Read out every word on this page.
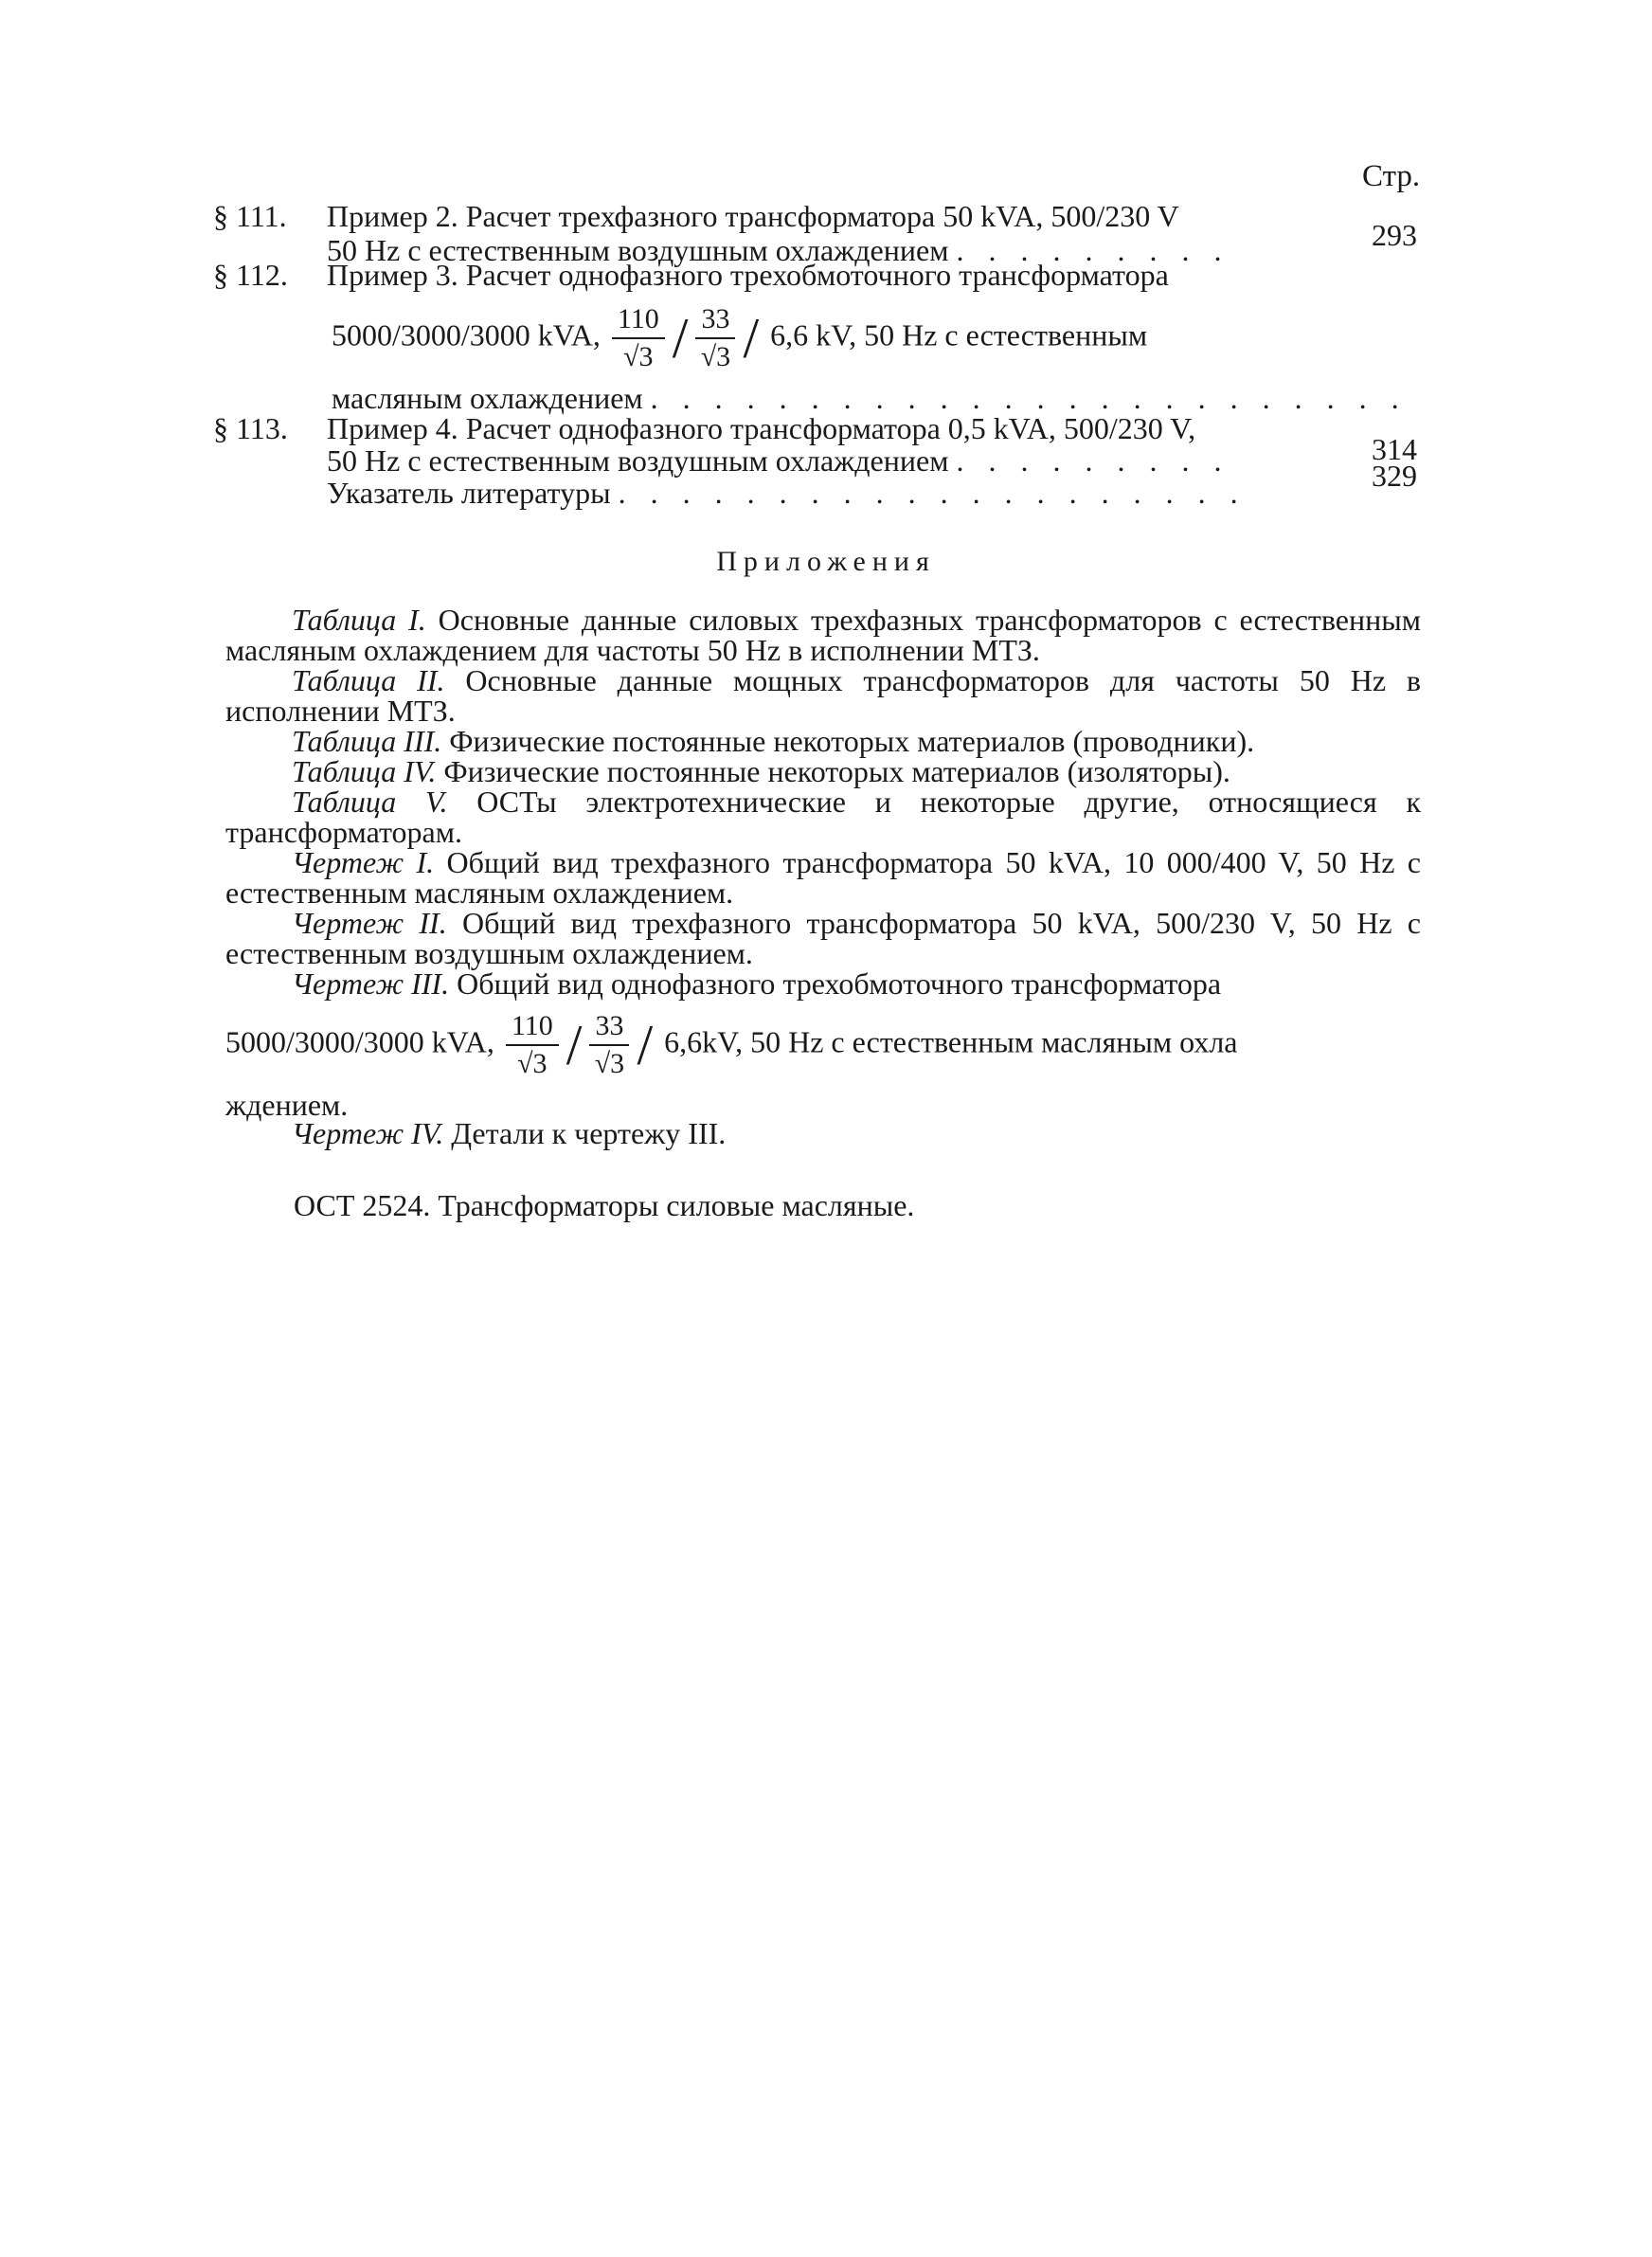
Стр.
§ 111. Пример 2. Расчет трехфазного трансформатора 50 kVA, 500/230 V
50 Hz с естественным воздушным охлаждением . . . . . . . . .	293
§ 112. Пример 3. Расчет однофазного трехобмоточного трансформатора
5000/3000/3000 kVA, $\frac{110}{√3} / \frac{33}{√3} / 6,6$ kV, 50 Hz с естественным
масляным охлаждением . . . . . . . . . . . . . . . . . . . . . . . .
§ 113. Пример 4. Расчет однофазного трансформатора 0,5 kVA, 500/230 V,
314
50 Hz с естественным воздушным охлаждением . . . . . . . . .	329
Указатель литературы . . . . . . . . . . . . . . . . . . . .
Приложения
Таблица I. Основные данные силовых трехфазных трансформаторов с естественным масляным охлаждением для частоты 50 Hz в исполнении МТЗ.
Таблица II. Основные данные мощных трансформаторов для частоты 50 Hz в исполнении МТЗ.
Таблица III. Физические постоянные некоторых материалов (проводники).
Таблица IV. Физические постоянные некоторых материалов (изоляторы).
Таблица V. ОСТы электротехнические и некоторые другие, относящиеся к трансформаторам.
Чертеж I. Общий вид трехфазного трансформатора 50 kVA, 10 000/400 V, 50 Hz с естественным масляным охлаждением.
Чертеж II. Общий вид трехфазного трансформатора 50 kVA, 500/230 V, 50 Hz с естественным воздушным охлаждением.
Чертеж III. Общий вид однофазного трехобмоточного трансформатора
5000/3000/3000 kVA, $\frac{110}{√3} / \frac{33}{√3} / 6,6kV$, 50 Hz с естественным масляным охла
ждением.
Чертеж IV. Детали к чертежу III.
ОСТ 2524. Трансформаторы силовые масляные.
